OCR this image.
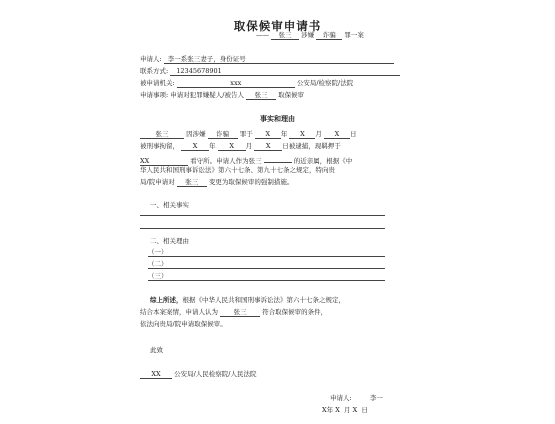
取保候审申请书
—— 张三 涉嫌 诈骗 罪一案
申请人: 李一系张三妻子，身份证号
联系方式: 12345678901
被申请机关:	xxx	公安局/检察院/法院
申请事项: 申请对犯罪嫌疑人/被告人 张三 取保候审
事实和理由
张三	因涉嫌 诈骗 罪于 X 年 X 月 X 日
被刑事拘留， X 年 X 月 X 日被逮捕，现羁押于
XX	看守所。申请人作为张三	的近亲属，根据《中
华人民共和国刑事诉讼法》第六十七条、第九十七条之规定，特向贵
局/院申请对 张三 变更为取保候审的强制措施。
一、相关事实
二、相关理由
（一）
（二）
（三）
综上所述，根据《中华人民共和国刑事诉讼法》第六十七条之规定，
结合本案案情，申请人认为 张三 符合取保候审的条件，
依法向贵局/院申请取保候审。
此致
XX 公安局/人民检察院/人民法院
申请人:	李一
X年 X 月 X 日
